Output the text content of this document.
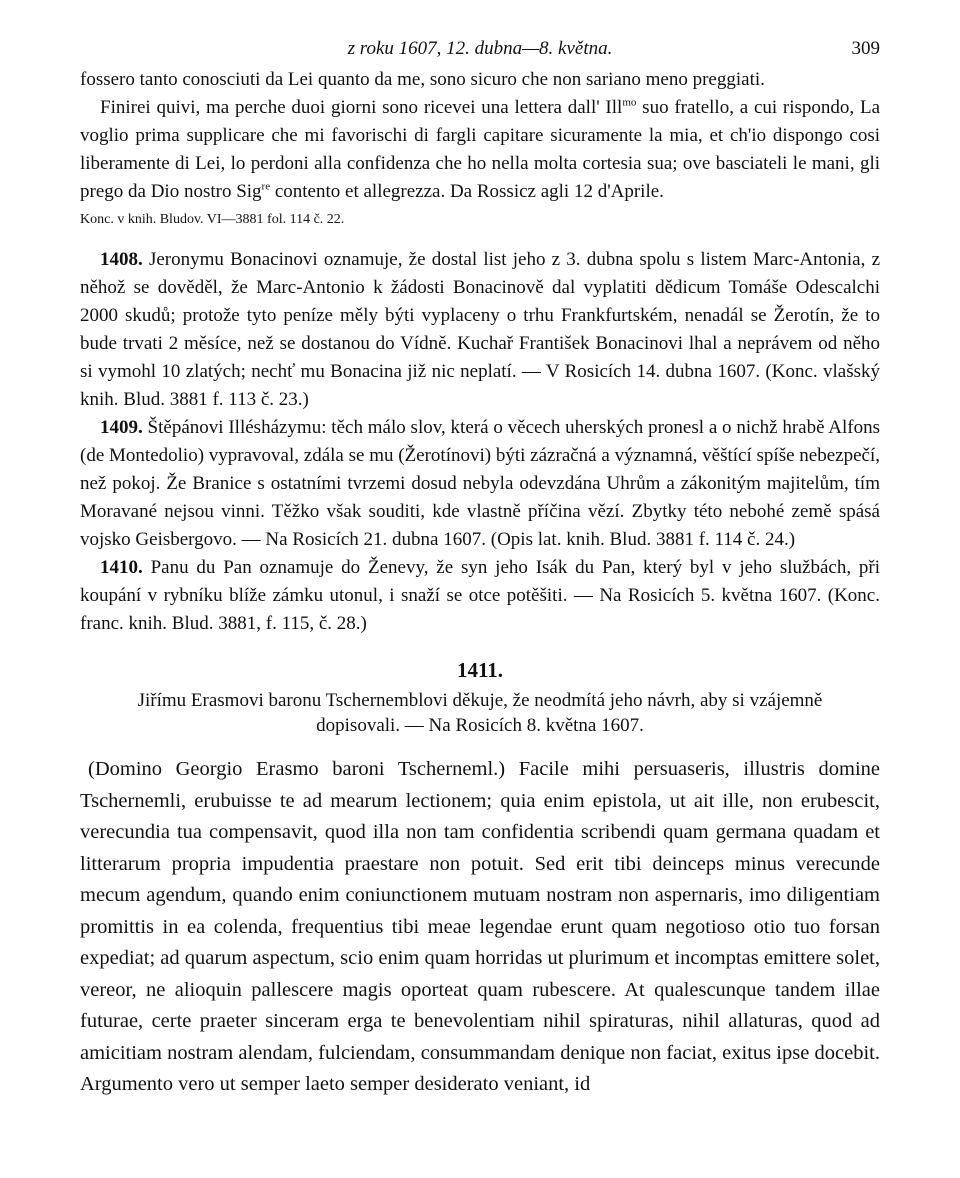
z roku 1607, 12. dubna—8. května.	309

fossero tanto conosciuti da Lei quanto da me, sono sicuro che non sariano meno preggiati.

Finirei quivi, ma perche duoi giorni sono ricevei una lettera dall' Ill$^{mo}$ suo fratello, a cui rispondo, La voglio prima supplicare che mi favorischi di fargli capitare sicuramente la mia, et ch'io dispongo cosi liberamente di Lei, lo perdoni alla confidenza che ho nella molta cortesia sua; ove basciateli le mani, gli prego da Dio nostro Sig$^{re}$ contento et allegrezza. Da Rossicz agli 12 d'Aprile.

Konc. v knih. Bludov. VI—3881 fol. 114 č. 22.

1408. Jeronymu Bonacinovi oznamuje, že dostal list jeho z 3. dubna spolu s listem Marc-Antonia, z něhož se dověděl, že Marc-Antonio k žádosti Bonacinově dal vyplatiti dědicum Tomáše Odescalchi 2000 skudů; protože tyto peníze měly býti vyplaceny o trhu Frankfurtském, nenadál se Žerotín, že to bude trvati 2 měsíce, než se dostanou do Vídně. Kuchař František Bonacinovi lhal a neprávem od něho si vymohl 10 zlatých; nechť mu Bonacina již nic neplatí. — V Rosicích 14. dubna 1607. (Konc. vlašský knih. Blud. 3881 f. 113 č. 23.)

1409. Štěpánovi Illésházymu: těch málo slov, která o věcech uherských pronesl a o nichž hrabě Alfons (de Montedolio) vypravoval, zdála se mu (Žerotínovi) býti zázračná a významná, věštící spíše nebezpečí, než pokoj. Že Branice s ostatními tvrzemi dosud nebyla odevzdána Uhrům a zákonitým majitelům, tím Moravané nejsou vinni. Těžko však souditi, kde vlastně příčina vězí. Zbytky této nebohé země spásá vojsko Geisbergovo. — Na Rosicích 21. dubna 1607. (Opis lat. knih. Blud. 3881 f. 114 č. 24.)

1410. Panu du Pan oznamuje do Ženevy, že syn jeho Isák du Pan, který byl v jeho službách, při koupání v rybníku blíže zámku utonul, i snaží se otce potěšiti. — Na Rosicích 5. května 1607. (Konc. franc. knih. Blud. 3881, f. 115, č. 28.)

1411.
Jiřímu Erasmovi baronu Tschernemblovi děkuje, že neodmítá jeho návrh, aby si vzájemně dopisovali. — Na Rosicích 8. května 1607.

(Domino Georgio Erasmo baroni Tscherneml.) Facile mihi persuaseris, illustris domine Tschernemli, erubuisse te ad mearum lectionem; quia enim epistola, ut ait ille, non erubescit, verecundia tua compensavit, quod illa non tam confidentia scribendi quam germana quadam et litterarum propria impudentia praestare non potuit. Sed erit tibi deinceps minus verecunde mecum agendum, quando enim coniunctionem mutuam nostram non aspernaris, imo diligentiam promittis in ea colenda, frequentius tibi meae legendae erunt quam negotioso otio tuo forsan expediat; ad quarum aspectum, scio enim quam horridas ut plurimum et incomptas emittere solet, vereor, ne alioquin pallescere magis oporteat quam rubescere. At qualescunque tandem illae futurae, certe praeter sinceram erga te benevolentiam nihil spiraturas, nihil allaturas, quod ad amicitiam nostram alendam, fulciendam, consummandam denique non faciat, exitus ipse docebit. Argumento vero ut semper laeto semper desiderato veniant, id
